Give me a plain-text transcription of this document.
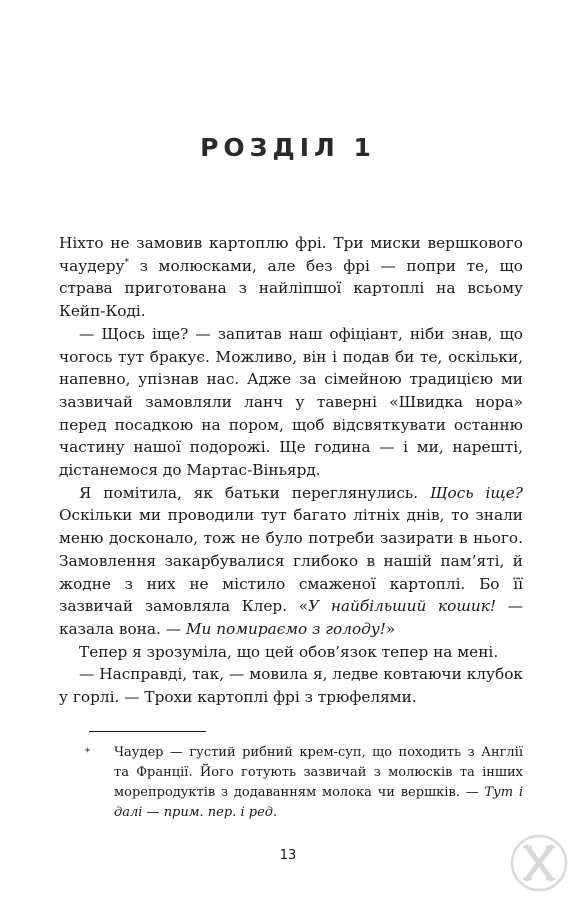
РОЗДІЛ 1

Ніхто не замовив картоплю фрі. Три миски вершкового чаудеру* з молюсками, але без фрі — попри те, що страва приготована з найліпшої картоплі на всьому Кейп-Коді.

— Щось іще? — запитав наш офіціант, ніби знав, що чогось тут бракує. Можливо, він і подав би те, оскільки, напевно, упізнав нас. Адже за сімейною традицією ми зазвичай замовляли ланч у таверні «Швидка нора» перед посадкою на пором, щоб відсвяткувати останню частину нашої подорожі. Ще година — і ми, нарешті, дістанемося до Мартас-Віньярд.

Я помітила, як батьки переглянулись. Щось іще? Оскільки ми проводили тут багато літніх днів, то знали меню досконало, тож не було потреби зазирати в нього. Замовлення закарбувалися глибоко в нашій пам’яті, й жодне з них не містило смаженої картоплі. Бо її зазвичай замовляла Клер. «У найбільший кошик! — казала вона. — Ми помираємо з голоду!»

Тепер я зрозуміла, що цей обов’язок тепер на мені.

— Насправді, так, — мовила я, ледве ковтаючи клубок у горлі. — Трохи картоплі фрі з трюфелями.

* Чаудер — густий рибний крем-суп, що походить з Англії та Франції. Його готують зазвичай з молюсків та інших морепродуктів з додаванням молока чи вершків. — Тут і далі — прим. пер. і ред.
13
